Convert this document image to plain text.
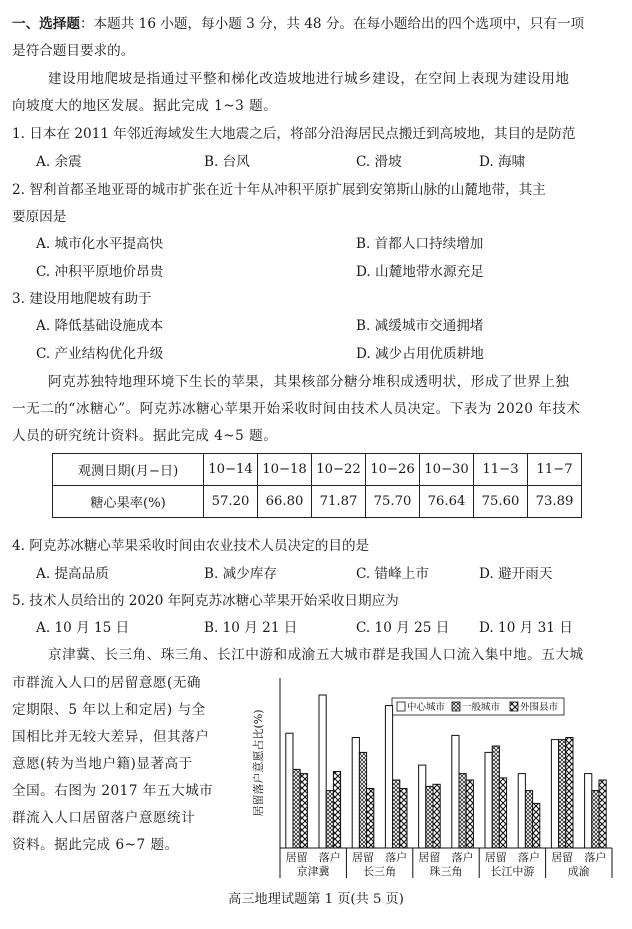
一、选择题：本题共 16 小题，每小题 3 分，共 48 分。在每小题给出的四个选项中，只有一项
是符合题目要求的。
建设用地爬坡是指通过平整和梯化改造坡地进行城乡建设，在空间上表现为建设用地
向坡度大的地区发展。据此完成 1~3 题。
1. 日本在 2011 年邻近海域发生大地震之后，将部分沿海居民点搬迁到高坡地，其目的是防范
A. 余震	B. 台风	C. 滑坡	D. 海啸
2. 智利首都圣地亚哥的城市扩张在近十年从冲积平原扩展到安第斯山脉的山麓地带，其主
要原因是
A. 城市化水平提高快	B. 首都人口持续增加
C. 冲积平原地价昂贵	D. 山麓地带水源充足
3. 建设用地爬坡有助于
A. 降低基础设施成本	B. 减缓城市交通拥堵
C. 产业结构优化升级	D. 减少占用优质耕地
阿克苏独特地理环境下生长的苹果，其果核部分糖分堆积成透明状，形成了世界上独
一无二的“冰糖心”。阿克苏冰糖心苹果开始采收时间由技术人员决定。下表为 2020 年技术
人员的研究统计资料。据此完成 4~5 题。
观测日期(月−日)	10−14	10−18	10−22	10−26	10−30	11−3	11−7
糖心果率(%)	57.20	66.80	71.87	75.70	76.64	75.60	73.89
4. 阿克苏冰糖心苹果采收时间由农业技术人员决定的目的是
A. 提高品质	B. 减少库存	C. 错峰上市	D. 避开雨天
5. 技术人员给出的 2020 年阿克苏冰糖心苹果开始采收日期应为
A. 10 月 15 日	B. 10 月 21 日	C. 10 月 25 日 D. 10 月 31 日
京津冀、长三角、珠三角、长江中游和成渝五大城市群是我国人口流入集中地。五大城
市群流入人口的居留意愿(无确
定期限、5 年以上和定居) 与全
国相比并无较大差异，但其落户
意愿(转为当地户籍)显著高于
全国。右图为 2017 年五大城市
群流入人口居留落户意愿统计
资料。据此完成 6~7 题。
居留落户意愿占比(%)
中心城市 一般城市 外围县市
居留 落户 居留 落户 居留 落户 居留 落户 居留 落户
京津冀	长三角	珠三角	长江中游	成渝
高三地理试题第 1 页(共 5 页)
